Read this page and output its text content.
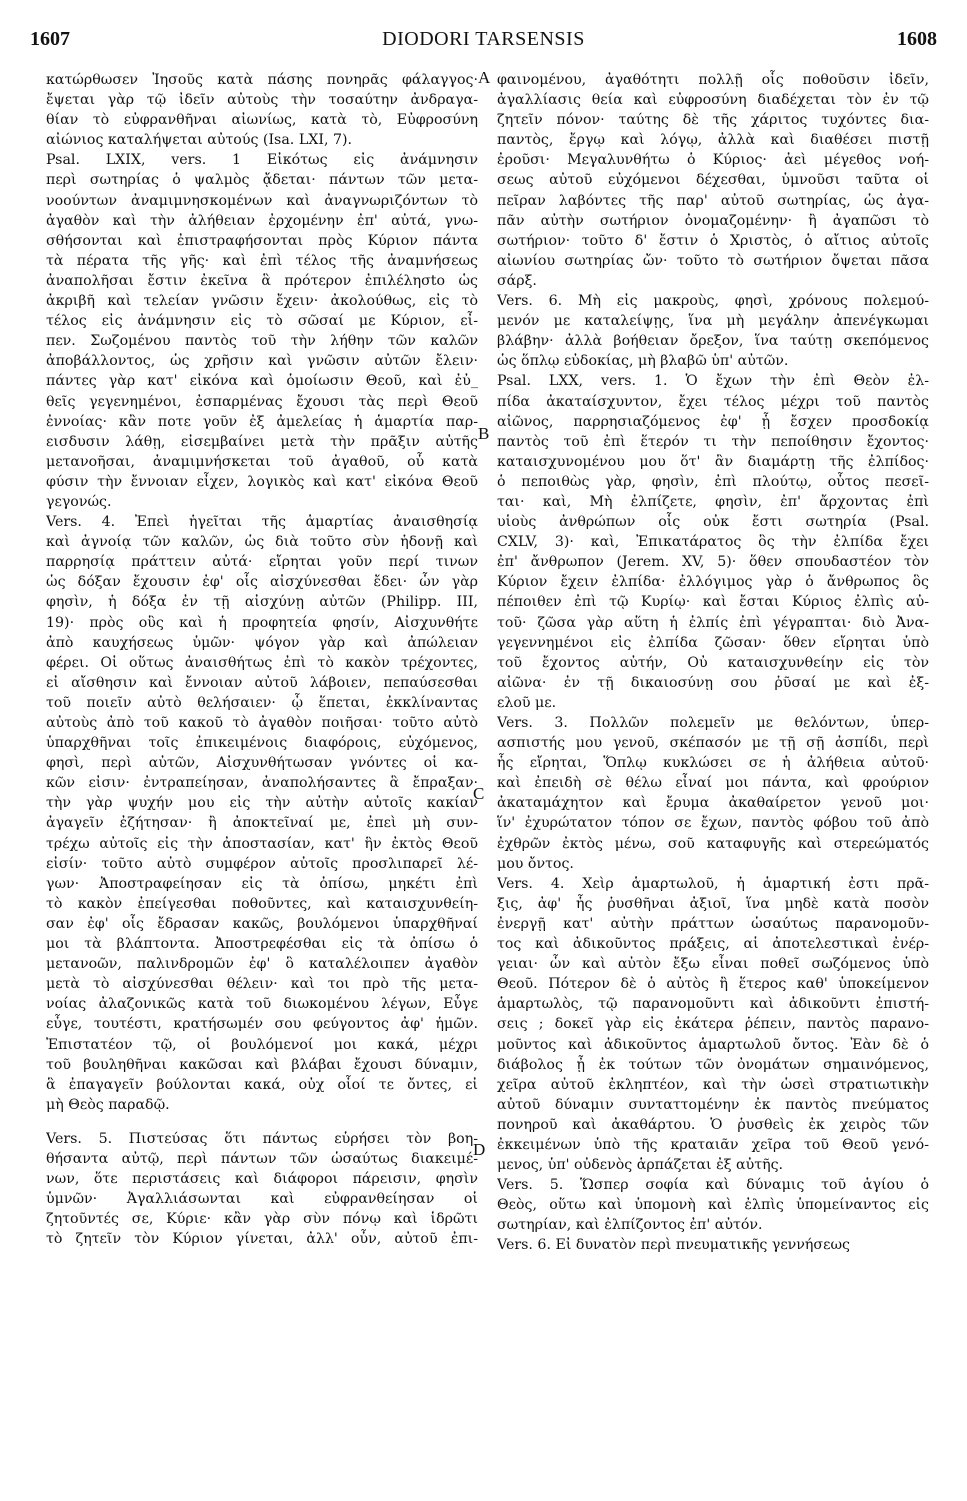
1607	DIODORI TARSENSIS	1608
A
B
C
D
κατώρθωσεν Ἰησοῦς κατὰ πάσης πονηρᾶς φάλαγγος·
ἔψεται γὰρ τῷ ἰδεῖν αὐτοὺς τὴν τοσαύτην ἀνδραγα-
θίαν τὸ εὐφρανθῆναι αἰωνίως, κατὰ τὸ, Εὐφροσύνη
αἰώνιος καταλήψεται αὐτούς (Isa. LXI, 7).
Psal. LXIX, vers. 1 Εἰκότως εἰς ἀνάμνησιν
περὶ σωτηρίας ὁ ψαλμὸς ᾄδεται· πάντων τῶν μετα-
νοούντων ἀναμιμνησκομένων καὶ ἀναγνωριζόντων τὸ
ἀγαθὸν καὶ τὴν ἀλήθειαν ἐρχομένην ἐπ' αὐτά, γνω-
σθήσονται καὶ ἐπιστραφήσονται πρὸς Κύριον πάντα
τὰ πέρατα τῆς γῆς· καὶ ἐπὶ τέλος τῆς ἀναμνήσεως
ἀναπολῆσαι ἔστιν ἐκεῖνα ἃ πρότερον ἐπιλέλησto ὡς
ἀκριβῆ καὶ τελείαν γνῶσιν ἔχειν· ἀκολούθως, εἰς τὸ
τέλος εἰς ἀνάμνησιν εἰς τὸ σῶσαί με Κύριον, εἶ-
πεν. Σωζομένου παντὸς τοῦ τὴν λήθην τῶν καλῶν
ἀποβάλλοντος, ὡς χρῆσιν καὶ γνῶσιν αὐτῶν ἔλειν·
πάντες γὰρ κατ' εἰκόνα καὶ ὁμοίωσιν Θεοῦ, καὶ ἐὐ_
θεῖς γεγενημένοι, ἐσπαρμένας ἔχουσι τὰς περὶ Θεοῦ
ἐννοίας· κἂν ποτε γοῦν ἐξ ἀμελείας ἡ ἁμαρτία παρ-
εισδυσιν λάθῃ, εἰσεμβαίνει μετὰ τὴν πρᾶξιν αὐτῆς
μετανοῆσαι, ἀναμιμνήσκεται τοῦ ἀγαθοῦ, οὗ κατὰ
φύσιν τὴν ἔννοιαν εἶχεν, λογικὸς καὶ κατ' εἰκόνα Θεοῦ
γεγονώς.
Vers. 4. Ἐπεὶ ἡγεῖται τῆς ἁμαρτίας ἀναισθησίᾳ
καὶ ἀγνοίᾳ τῶν καλῶν, ὡς διὰ τοῦτο σὺν ἡδονῇ καὶ
παρρησίᾳ πράττειν αὐτά· εἴρηται γοῦν περί τινων
ὡς δόξαν ἔχουσιν ἐφ' οἷς αἰσχύνεσθαι ἔδει· ὧν γὰρ
φησὶν, ἡ δόξα ἐν τῇ αἰσχύνῃ αὐτῶν (Philipp. III,
19)· πρὸς οὓς καὶ ἡ προφητεία φησίν, Αἰσχυνθήτε
ἀπὸ καυχήσεως ὑμῶν· ψόγον γὰρ καὶ ἀπώλειαν
φέρει. Οἱ οὕτως ἀναισθήτως ἐπὶ τὸ κακὸν τρέχοντες,
εἰ αἴσθησιν καὶ ἔννοιαν αὐτοῦ λάβοιεν, πεπαύσεσθαι
τοῦ ποιεῖν αὐτὸ θελήσαιεν· ᾧ ἕπεται, ἐκκλίναντας
αὐτοὺς ἀπὸ τοῦ κακοῦ τὸ ἀγαθὸν ποιῆσαι· τοῦτο αὐτὸ
ὑπαρχθῆναι τοῖς ἐπικειμένοις διαφόροις, εὐχόμενος,
φησὶ, περὶ αὐτῶν, Αἰσχυνθήτωσαν γνόντες οἱ κα-
κῶν εἰσιν· ἐντραπείησαν, ἀναπολήσαντες ἃ ἔπραξαν·
τὴν γὰρ ψυχήν μου εἰς τὴν αὐτὴν αὐτοῖς κακίαν
ἀγαγεῖν ἐζήτησαν· ἢ ἀποκτεῖναί με, ἐπεὶ μὴ συν-
τρέχω αὐτοῖς εἰς τὴν ἀποστασίαν, κατ' ἣν ἐκτὸς Θεοῦ
εἰσίν· τοῦτο αὐτὸ συμφέρον αὐτοῖς προσλιπαρεῖ λέ-
γων· Ἀποστραφείησαν εἰς τὰ ὀπίσω, μηκέτι ἐπὶ
τὸ κακὸν ἐπείγεσθαι ποθοῦντες, καὶ καταισχυνθείη-
σαν ἐφ' οἷς ἔδρασαν κακῶς, βουλόμενοι ὑπαρχθῆναί
μοι τὰ βλάπτοντα. Ἀποστρεφέσθαι εἰς τὰ ὀπίσω ὁ
μετανοῶν, παλινδρομῶν ἐφ' ὃ καταλέλοιπεν ἀγαθὸν
μετὰ τὸ αἰσχύνεσθαι θέλειν· καὶ τοι πρὸ τῆς μετα-
νοίας ἀλαζονικῶς κατὰ τοῦ διωκομένου λέγων, Εὖγε
εὖγε, τουτέστι, κρατήσωμέν σου φεύγοντος ἀφ' ἡμῶν.
Ἐπιστατέον τῷ, οἱ βουλόμενοί μοι κακά, μέχρι
τοῦ βουληθῆναι κακῶσαι καὶ βλάβαι ἔχουσι δύναμιν,
ἃ ἐπαγαγεῖν βούλονται κακά, οὐχ οἷοί τε ὄντες, εἰ
μὴ Θεὸς παραδῷ.
Vers. 5. Πιστεύσας ὅτι πάντως εὑρήσει τὸν βοη-
θήσαντα αὐτῷ, περὶ πάντων τῶν ὡσαύτως διακειμέ-
νων, ὅτε περιστάσεις καὶ διάφοροι πάρεισιν, φησὶν
ὑμνῶν· Ἀγαλλιάσωνται καὶ εὐφρανθείησαν οἱ
ζητοῦντές σε, Κύριε· κἂν γὰρ σὺν πόνῳ καὶ ἱδρῶτι
τὸ ζητεῖν τὸν Κύριον γίνεται, ἀλλ' οὖν, αὐτοῦ ἐπι-
φαινομένου, ἀγαθότητι πολλῇ οἷς ποθοῦσιν ἰδεῖν,
ἀγαλλίασις θεία καὶ εὐφροσύνη διαδέχεται τὸν ἐν τῷ
ζητεῖν πόνον· ταύτης δὲ τῆς χάριτος τυχόντες δια-
παντὸς, ἔργῳ καὶ λόγῳ, ἀλλὰ καὶ διαθέσει πιστῇ
ἐροῦσι· Μεγαλυνθήτω ὁ Κύριος· ἀεὶ μέγεθος νοή-
σεως αὐτοῦ εὐχόμενοι δέχεσθαι, ὑμνοῦσι ταῦτα οἱ
πεῖραν λαβόντες τῆς παρ' αὐτοῦ σωτηρίας, ὡς ἀγα-
πᾶν αὐτὴν σωτήριον ὀνομαζομένην· ἢ ἀγαπῶσι τὸ
σωτήριον· τοῦτο δ' ἔστιν ὁ Χριστὸς, ὁ αἴτιος αὐτοῖς
αἰωνίου σωτηρίας ὤν· τοῦτο τὸ σωτήριον ὄψεται πᾶσα
σάρξ.
Vers. 6. Μὴ εἰς μακροὺς, φησὶ, χρόνους πολεμού-
μενόν με καταλείψῃς, ἵνα μὴ μεγάλην ἀπενέγκωμαι
βλάβην· ἀλλὰ βοήθειαν ὄρεξον, ἵνα ταύτῃ σκεπόμενος
ὡς ὅπλῳ εὐδοκίας, μὴ βλαβῶ ὑπ' αὐτῶν.
Psal. LXX, vers. 1. Ὁ ἔχων τὴν ἐπὶ Θεὸν ἐλ-
πίδα ἀκαταίσχυντον, ἔχει τέλος μέχρι τοῦ παντὸς
αἰῶνος, παρρησιαζόμενος ἐφ' ᾗ ἔσχεν προσδοκίᾳ
παντὸς τοῦ ἐπὶ ἕτερόν τι τὴν πεποίθησιν ἔχοντος·
καταισχυνομένου μου ὅτ' ἂν διαμάρτῃ τῆς ἐλπίδος·
ὁ πεποιθὼς γὰρ, φησὶν, ἐπὶ πλούτῳ, οὗτος πεσεῖ-
ται· καὶ, Μὴ ἐλπίζετε, φησὶν, ἐπ' ἄρχοντας ἐπὶ
υἱοὺς ἀνθρώπων οἷς οὐκ ἔστι σωτηρία (Psal.
CXLV, 3)· καὶ, Ἐπικατάρατος ὃς τὴν ἐλπίδα ἔχει
ἐπ' ἄνθρωπον (Jerem. XV, 5)· ὅθεν σπουδαστέον τὸν
Κύριον ἔχειν ἐλπίδα· ἐλλόγιμος γὰρ ὁ ἄνθρωπος ὃς
πέποιθεν ἐπὶ τῷ Κυρίῳ· καὶ ἔσται Κύριος ἐλπὶς αὐ-
τοῦ· ζῶσα γὰρ αὕτη ἡ ἐλπίς ἐπὶ γέγραπται· διὸ Ἀνα-
γεγεννημένοι εἰς ἐλπίδα ζῶσαν· ὅθεν εἴρηται ὑπὸ
τοῦ ἔχοντος αὐτήν, Οὐ καταισχυνθείην εἰς τὸν
αἰῶνα· ἐν τῇ δικαιοσύνῃ σου ῥῦσαί με καὶ ἐξ-
ελοῦ με.
Vers. 3. Πολλῶν πολεμεῖν με θελόντων, ὑπερ-
ασπιστής μου γενοῦ, σκέπασόν με τῇ σῇ ἀσπίδι, περὶ
ἧς εἴρηται, Ὅπλῳ κυκλώσει σε ἡ ἀλήθεια αὐτοῦ·
καὶ ἐπειδὴ σὲ θέλω εἶναί μοι πάντα, καὶ φρούριον
ἀκαταμάχητον καὶ ἔρυμα ἀκαθαίρετον γενοῦ μοι·
ἵν' ἐχυρώτατον τόπον σε ἔχων, παντὸς φόβου τοῦ ἀπὸ
ἐχθρῶν ἐκτὸς μένω, σοῦ καταφυγῆς καὶ στερεώματός
μου ὄντος.
Vers. 4. Χεὶρ ἁμαρτωλοῦ, ἡ ἁμαρτική ἐστι πρᾶ-
ξις, ἀφ' ἧς ῥυσθῆναι ἀξιοῖ, ἵνα μηδὲ κατὰ ποσὸν
ἐνεργῇ κατ' αὐτὴν πράττων ὡσαύτως παρανομοῦν-
τος καὶ ἀδικοῦντος πράξεις, αἱ ἀποτελεστικαὶ ἐνέρ-
γειαι· ὧν καὶ αὐτὸν ἔξω εἶναι ποθεῖ σωζόμενος ὑπὸ
Θεοῦ. Πότερον δὲ ὁ αὐτὸς ἢ ἕτερος καθ' ὑποκείμενον
ἁμαρτωλὸς, τῷ παρανομοῦντι καὶ ἀδικοῦντι ἐπιστή-
σεις ; δοκεῖ γὰρ εἰς ἑκάτερα ῥέπειν, παντὸς παρανο-
μοῦντος καὶ ἀδικοῦντος ἁμαρτωλοῦ ὄντος. Ἐὰν δὲ ὁ
διάβολος ᾖ ἐκ τούτων τῶν ὀνομάτων σημαινόμενος,
χεῖρα αὐτοῦ ἐκληπτέον, καὶ τὴν ὡσεὶ στρατιωτικὴν
αὐτοῦ δύναμιν συνταττομένην ἐκ παντὸς πνεύματος
πονηροῦ καὶ ἀκαθάρτου. Ὁ ῥυσθεὶς ἐκ χειρὸς τῶν
ἐκκειμένων ὑπὸ τῆς κραταιᾶν χεῖρα τοῦ Θεοῦ γενό-
μενος, ὑπ' οὐδενὸς ἁρπάζεται ἐξ αὐτῆς.
Vers. 5. Ὥσπερ σοφία καὶ δύναμις τοῦ ἁγίου ὁ
Θεὸς, οὕτω καὶ ὑπομονὴ καὶ ἐλπὶς ὑπομείναντος εἰς
σωτηρίαν, καὶ ἐλπίζοντος ἐπ' αὐτόν.
Vers. 6. Εἰ δυνατὸν περὶ πνευματικῆς γεννήσεως
